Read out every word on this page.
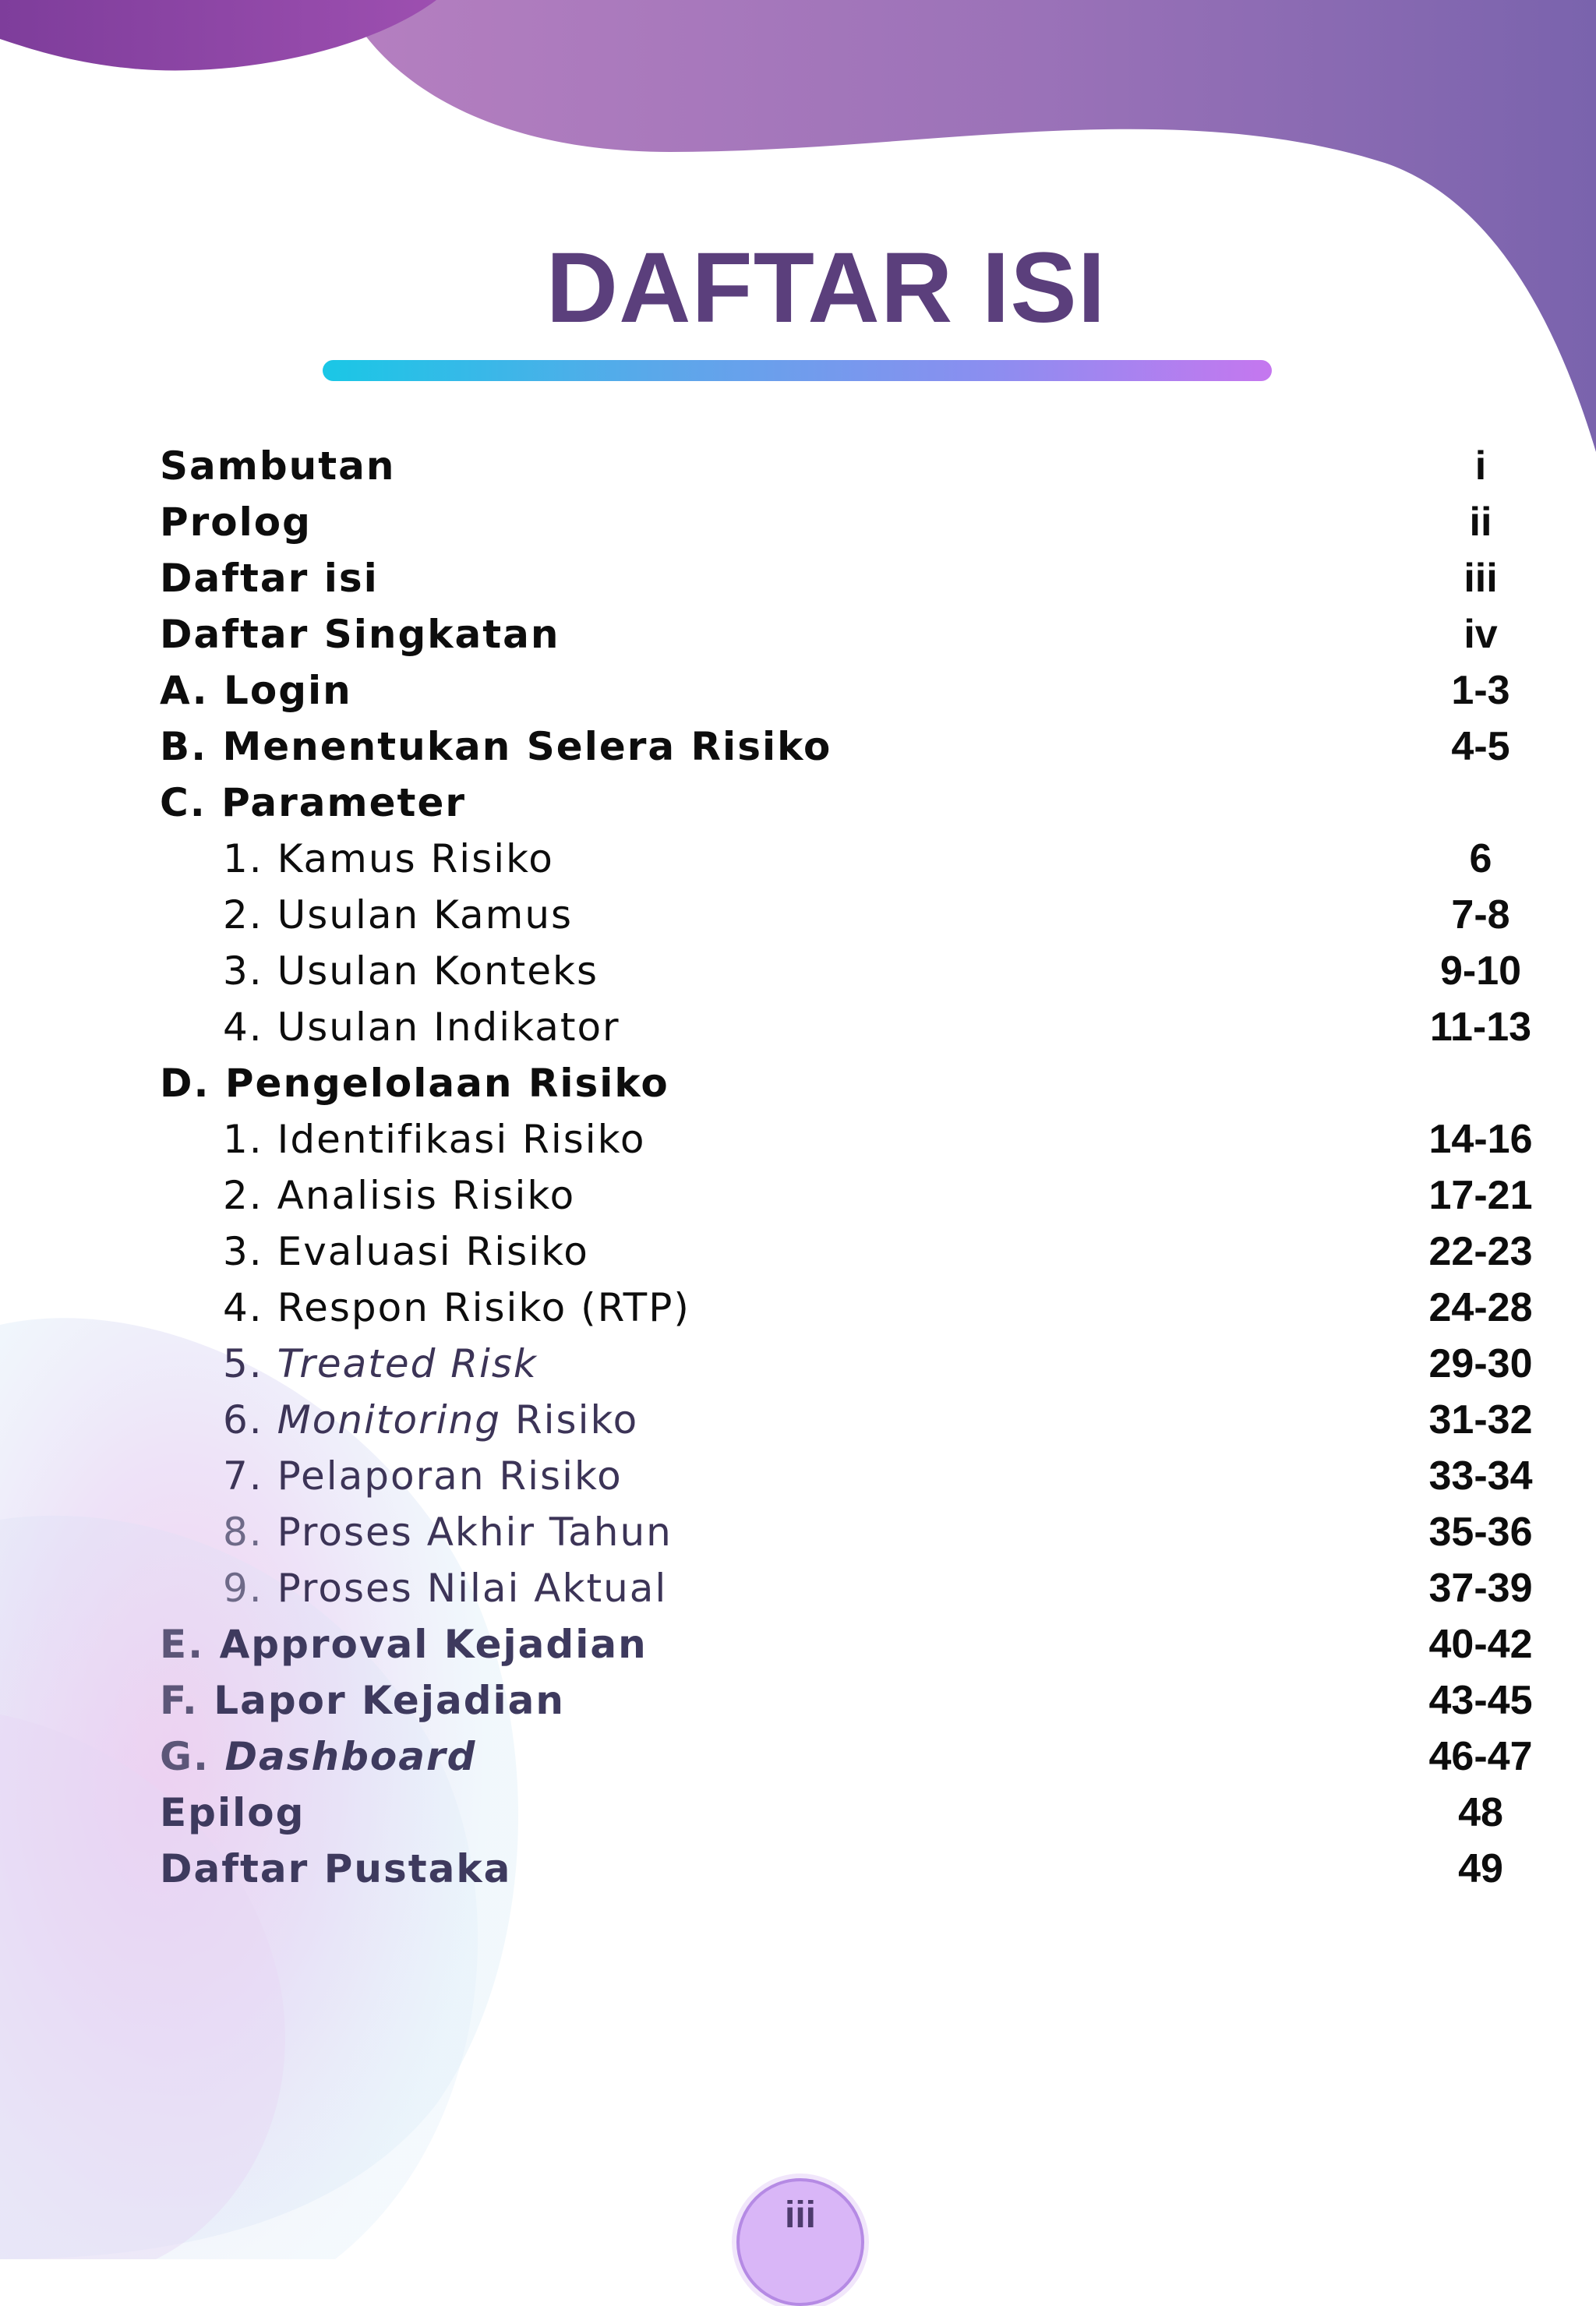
DAFTAR ISI
Sambutan	i
Prolog	ii
Daftar isi	iii
Daftar Singkatan	iv
A. Login	1-3
B. Menentukan Selera Risiko	4-5
C. Parameter
1. Kamus Risiko	6
2. Usulan Kamus	7-8
3. Usulan Konteks	9-10
4. Usulan Indikator	11-13
D. Pengelolaan Risiko
1. Identifikasi Risiko	14-16
2. Analisis Risiko	17-21
3. Evaluasi Risiko	22-23
4. Respon Risiko (RTP)	24-28
5. Treated Risk	29-30
6. Monitoring Risiko	31-32
7. Pelaporan Risiko	33-34
8. Proses Akhir Tahun	35-36
9. Proses Nilai Aktual	37-39
E. Approval Kejadian	40-42
F. Lapor Kejadian	43-45
G. Dashboard	46-47
Epilog	48
Daftar Pustaka	49
iii
